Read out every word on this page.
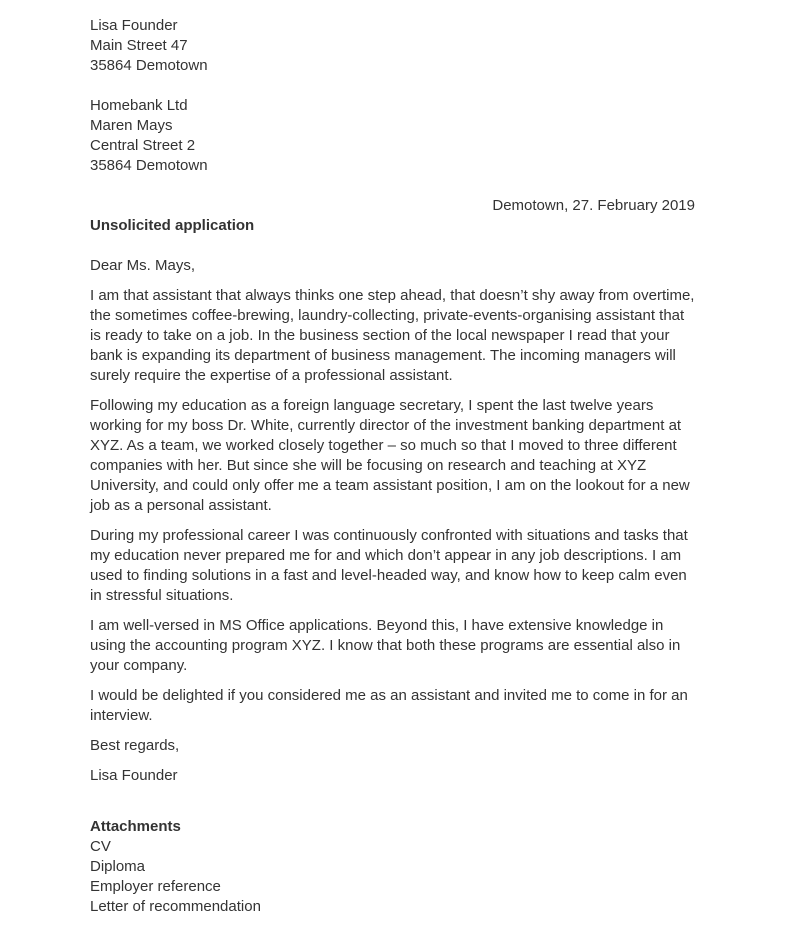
Lisa Founder
Main Street 47
35864 Demotown
Homebank Ltd
Maren Mays
Central Street 2
35864 Demotown

Demotown, 27. February 2019

Unsolicited application

Dear Ms. Mays,

I am that assistant that always thinks one step ahead, that doesn’t shy away from overtime, the sometimes coffee-brewing, laundry-collecting, private-events-organising assistant that is ready to take on a job. In the business section of the local newspaper I read that your bank is expanding its department of business management. The incoming managers will surely require the expertise of a professional assistant.

Following my education as a foreign language secretary, I spent the last twelve years working for my boss Dr. White, currently director of the investment banking department at XYZ. As a team, we worked closely together – so much so that I moved to three different companies with her. But since she will be focusing on research and teaching at XYZ University, and could only offer me a team assistant position, I am on the lookout for a new job as a personal assistant.

During my professional career I was continuously confronted with situations and tasks that my education never prepared me for and which don’t appear in any job descriptions. I am used to finding solutions in a fast and level-headed way, and know how to keep calm even in stressful situations.

I am well-versed in MS Office applications. Beyond this, I have extensive knowledge in using the accounting program XYZ. I know that both these programs are essential also in your company.

I would be delighted if you considered me as an assistant and invited me to come in for an interview.

Best regards,

Lisa Founder

Attachments
CV
Diploma
Employer reference
Letter of recommendation
